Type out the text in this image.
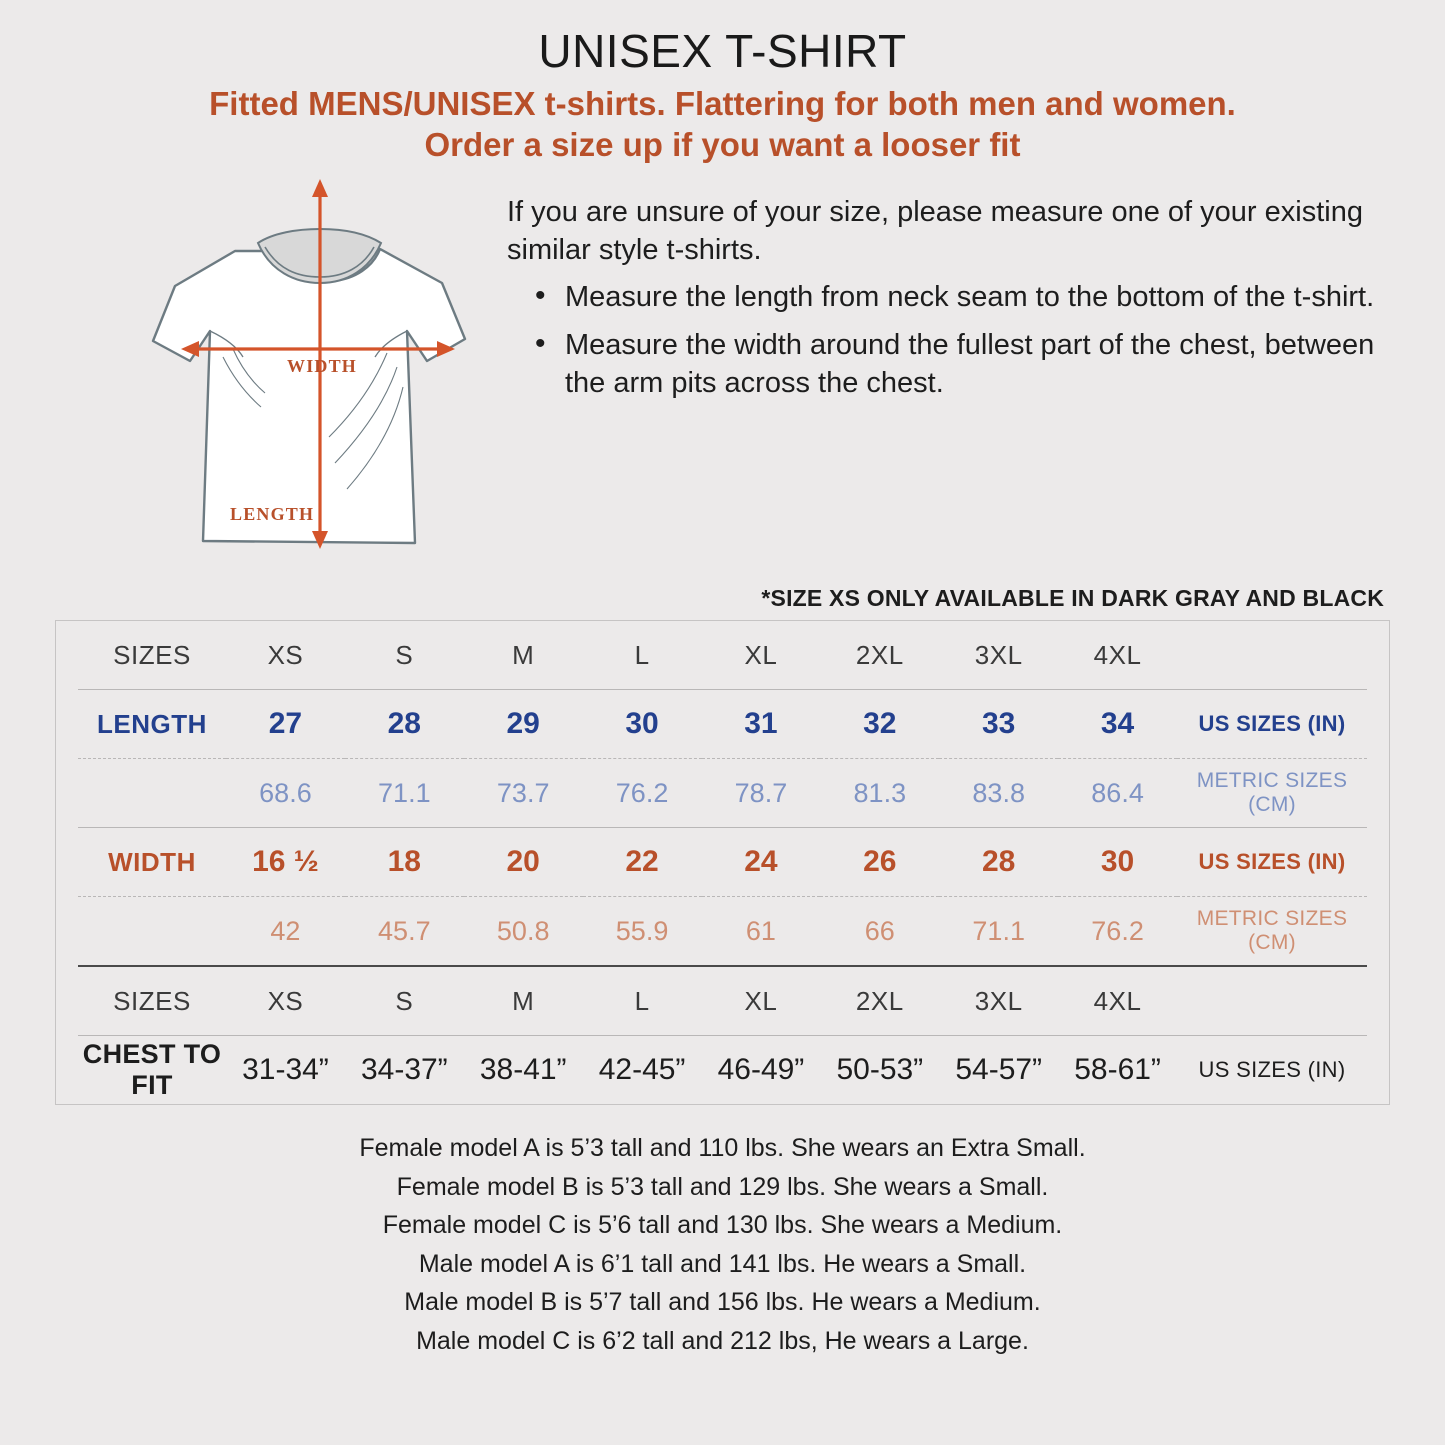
UNISEX T-SHIRT
Fitted MENS/UNISEX t-shirts. Flattering for both men and women.
Order a size up if you want a looser fit
WIDTH
LENGTH

If you are unsure of your size, please measure one of your existing similar style t-shirts.

• Measure the length from neck seam to the bottom of the t-shirt.
• Measure the width around the fullest part of the chest, between the arm pits across the chest.
*SIZE XS ONLY AVAILABLE IN DARK GRAY AND BLACK
SIZES	XS	S	M	L	XL	2XL	3XL	4XL	
LENGTH	27	28	29	30	31	32	33	34	US SIZES (IN)
	68.6	71.1	73.7	76.2	78.7	81.3	83.8	86.4	METRIC SIZES (CM)
WIDTH	16 ½	18	20	22	24	26	28	30	US SIZES (IN)
	42	45.7	50.8	55.9	61	66	71.1	76.2	METRIC SIZES (CM)
SIZES	XS	S	M	L	XL	2XL	3XL	4XL	
CHEST TO FIT	31-34”	34-37”	38-41”	42-45”	46-49”	50-53”	54-57”	58-61”	US SIZES (IN)

Female model A is 5’3 tall and 110 lbs. She wears an Extra Small.

Female model B is 5’3 tall and 129 lbs. She wears a Small.

Female model C is 5’6 tall and 130 lbs. She wears a Medium.

Male model A is 6’1 tall and 141 lbs. He wears a Small.

Male model B is 5’7 tall and 156 lbs. He wears a Medium.

Male model C is 6’2 tall and 212 lbs, He wears a Large.
